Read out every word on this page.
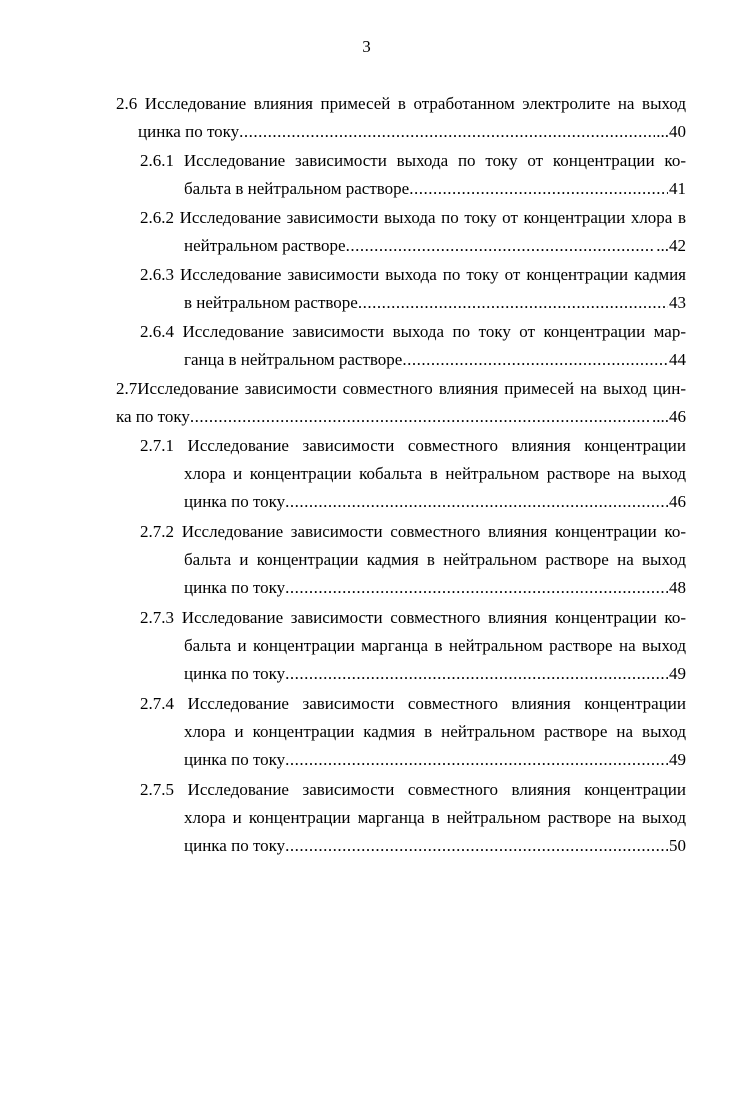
3
2.6 Исследование влияния примесей в отработанном электролите на выход
цинка по току .....	...40
2.6.1 Исследование зависимости выхода по току от концентрации ко-
бальта в нейтральном растворе .....	41
2.6.2 Исследование зависимости выхода по току от концентрации хлора в
нейтральном растворе .....	...42
2.6.3 Исследование зависимости выхода по току от концентрации кадмия
в нейтральном растворе .....	43
2.6.4 Исследование зависимости выхода по току от концентрации мар-
ганца в нейтральном растворе .....	44
2.7Исследование зависимости совместного влияния примесей на выход цин-
ка по току .....	....46
2.7.1 Исследование зависимости совместного влияния концентрации
хлора и концентрации кобальта в нейтральном растворе на выход
цинка по току .....	46
2.7.2 Исследование зависимости совместного влияния концентрации ко-
бальта и концентрации кадмия в нейтральном растворе на выход
цинка по току .....	48
2.7.3 Исследование зависимости совместного влияния концентрации ко-
бальта и концентрации марганца в нейтральном растворе на выход
цинка по току .....	49
2.7.4 Исследование зависимости совместного влияния концентрации
хлора и концентрации кадмия в нейтральном растворе на выход
цинка по току .....	49
2.7.5 Исследование зависимости совместного влияния концентрации
хлора и концентрации марганца в нейтральном растворе на выход
цинка по току .....	50
